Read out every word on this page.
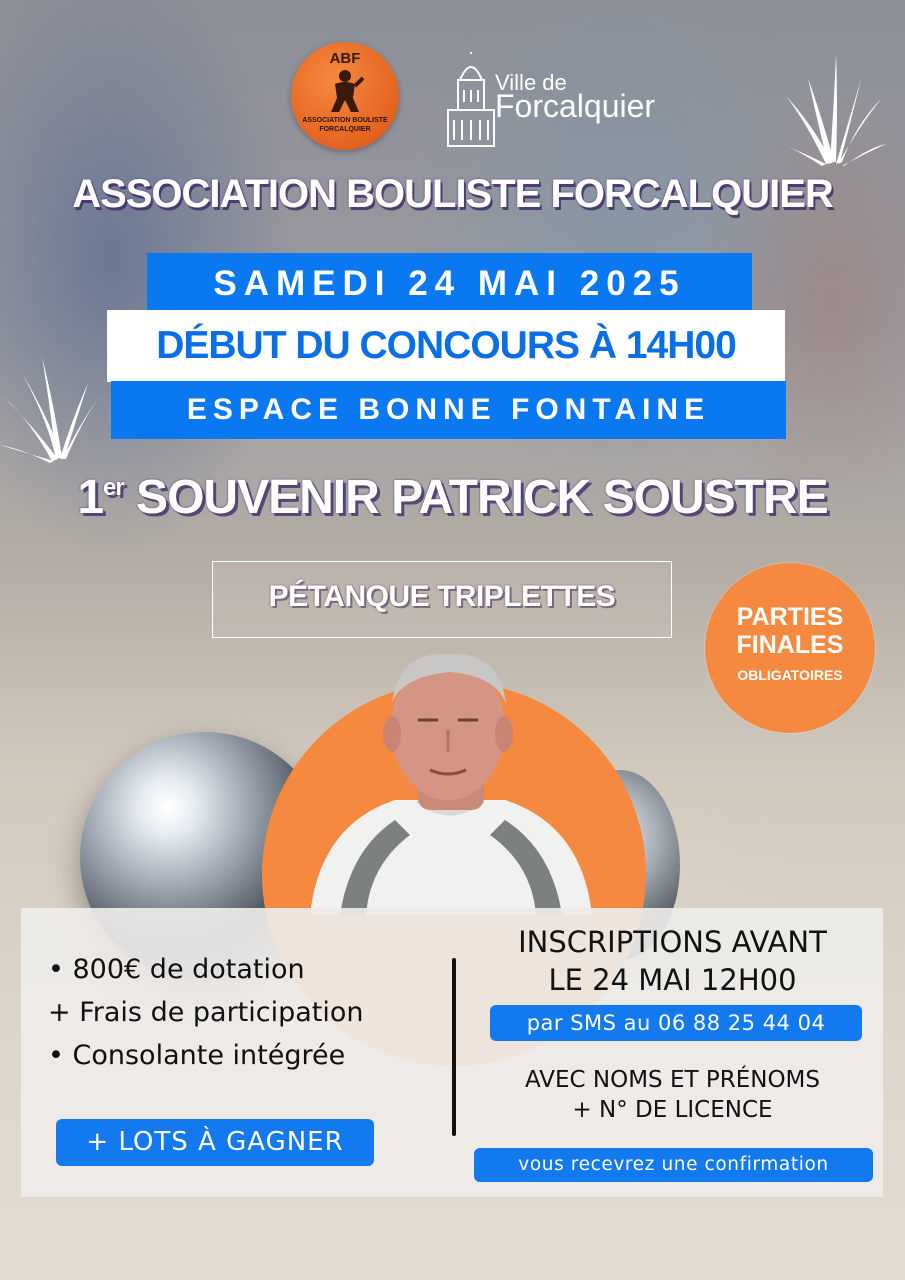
ABF
ASSOCIATION BOULISTE FORCALQUIER
Ville de
Forcalquier
ASSOCIATION BOULISTE FORCALQUIER
SAMEDI 24 MAI 2025
DÉBUT DU CONCOURS À 14H00
ESPACE BONNE FONTAINE
1er SOUVENIR PATRICK SOUSTRE
PÉTANQUE TRIPLETTES
PARTIES
FINALES
OBLIGATOIRES
• 800€ de dotation
+ Frais de participation
• Consolante intégrée
+ LOTS À GAGNER
INSCRIPTIONS AVANT
LE 24 MAI 12H00
par SMS au 06 88 25 44 04
AVEC NOMS ET PRÉNOMS
+ N° DE LICENCE
vous recevrez une confirmation
